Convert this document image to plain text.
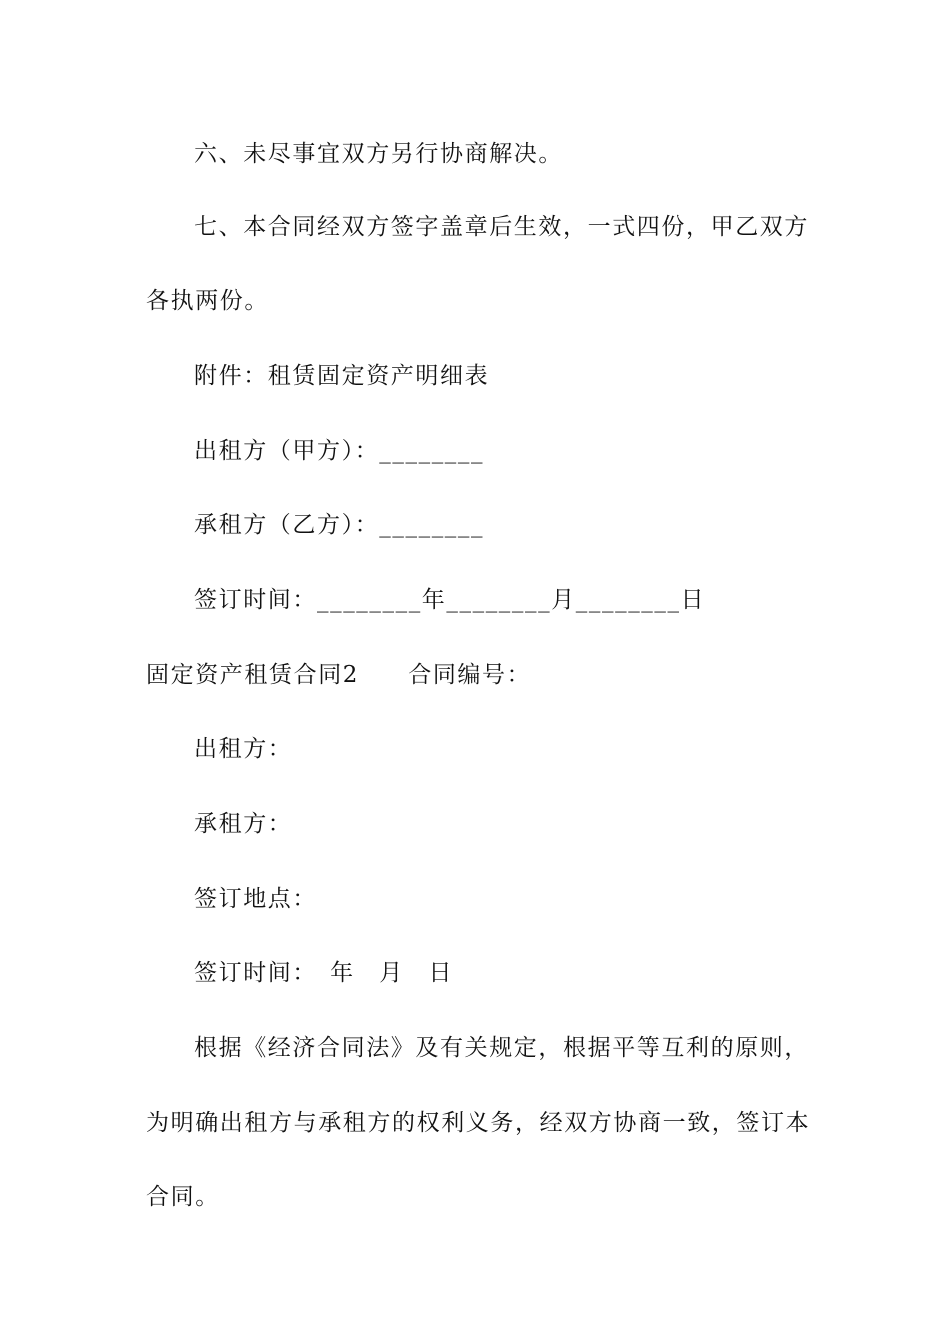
六、未尽事宜双方另行协商解决。
七、本合同经双方签字盖章后生效，一式四份，甲乙双方
各执两份。
附件：租赁固定资产明细表
出租方（甲方）：________
承租方（乙方）：________
签订时间：________年________月________日
固定资产租赁合同2　　合同编号：
出租方：
承租方：
签订地点：
签订时间：　年　月　日
根据《经济合同法》及有关规定，根据平等互利的原则，
为明确出租方与承租方的权利义务，经双方协商一致，签订本
合同。
